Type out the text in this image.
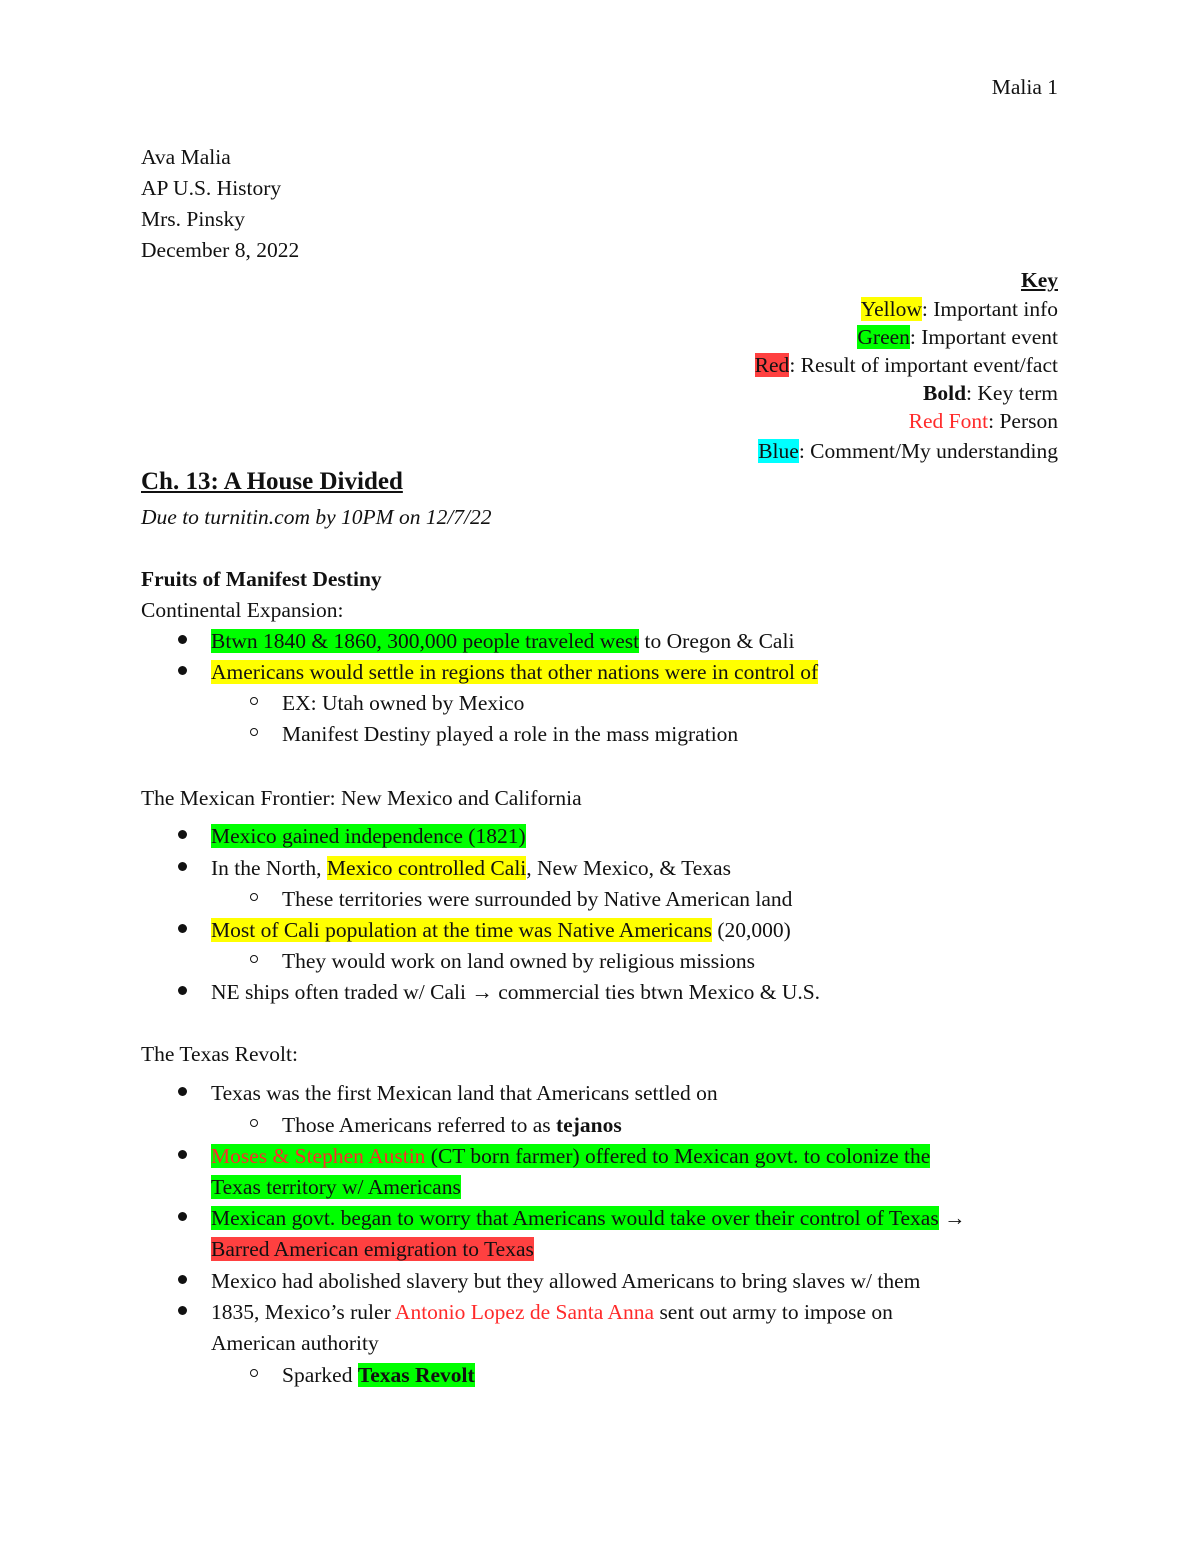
Malia 1
Ava Malia
AP U.S. History
Mrs. Pinsky
December 8, 2022
Key
Yellow: Important info
Green: Important event
Red: Result of important event/fact
Bold: Key term
Red Font: Person
Blue: Comment/My understanding
Ch. 13: A House Divided
Due to turnitin.com by 10PM on 12/7/22
Fruits of Manifest Destiny
Continental Expansion:
Btwn 1840 & 1860, 300,000 people traveled west to Oregon & Cali
Americans would settle in regions that other nations were in control of
EX: Utah owned by Mexico
Manifest Destiny played a role in the mass migration
The Mexican Frontier: New Mexico and California
Mexico gained independence (1821)
In the North, Mexico controlled Cali, New Mexico, & Texas
These territories were surrounded by Native American land
Most of Cali population at the time was Native Americans (20,000)
They would work on land owned by religious missions
NE ships often traded w/ Cali → commercial ties btwn Mexico & U.S.
The Texas Revolt:
Texas was the first Mexican land that Americans settled on
Those Americans referred to as tejanos
Moses & Stephen Austin (CT born farmer) offered to Mexican govt. to colonize the
Texas territory w/ Americans
Mexican govt. began to worry that Americans would take over their control of Texas →
Barred American emigration to Texas
Mexico had abolished slavery but they allowed Americans to bring slaves w/ them
1835, Mexico’s ruler Antonio Lopez de Santa Anna sent out army to impose on
American authority
Sparked Texas Revolt
